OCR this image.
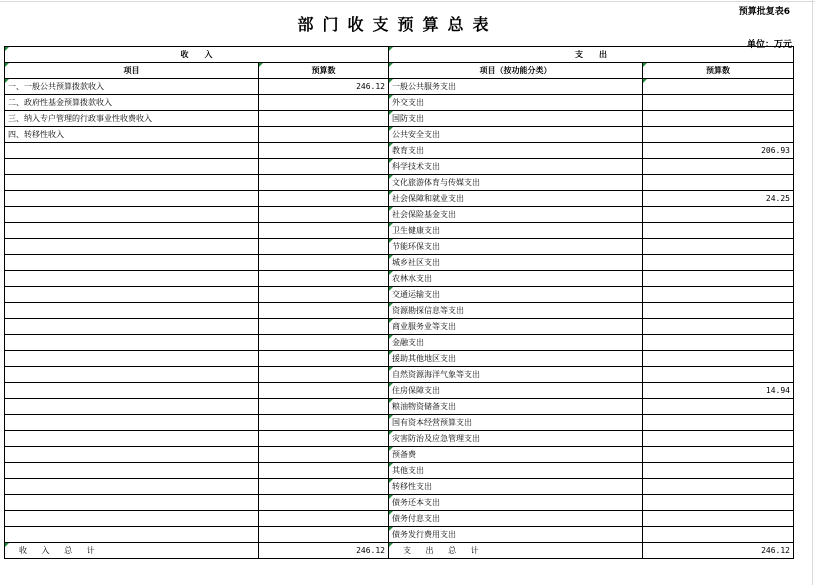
预算批复表6
部门收支预算总表
单位：万元
收　　入		支　　出	
项目	预算数	项目（按功能分类）	预算数
一、一般公共预算拨款收入	246.12	一般公共服务支出	
二、政府性基金预算拨款收入		外交支出	
三、纳入专户管理的行政事业性收费收入		国防支出	
四、转移性收入		公共安全支出	
		教育支出	206.93
		科学技术支出	
		文化旅游体育与传媒支出	
		社会保障和就业支出	24.25
		社会保险基金支出	
		卫生健康支出	
		节能环保支出	
		城乡社区支出	
		农林水支出	
		交通运输支出	
		资源勘探信息等支出	
		商业服务业等支出	
		金融支出	
		援助其他地区支出	
		自然资源海洋气象等支出	
		住房保障支出	14.94
		粮油物资储备支出	
		国有资本经营预算支出	
		灾害防治及应急管理支出	
		预备费	
		其他支出	
		转移性支出	
		债务还本支出	
		债务付息支出	
		债务发行费用支出	
收 入 总 计	246.12	支 出 总 计	246.12
